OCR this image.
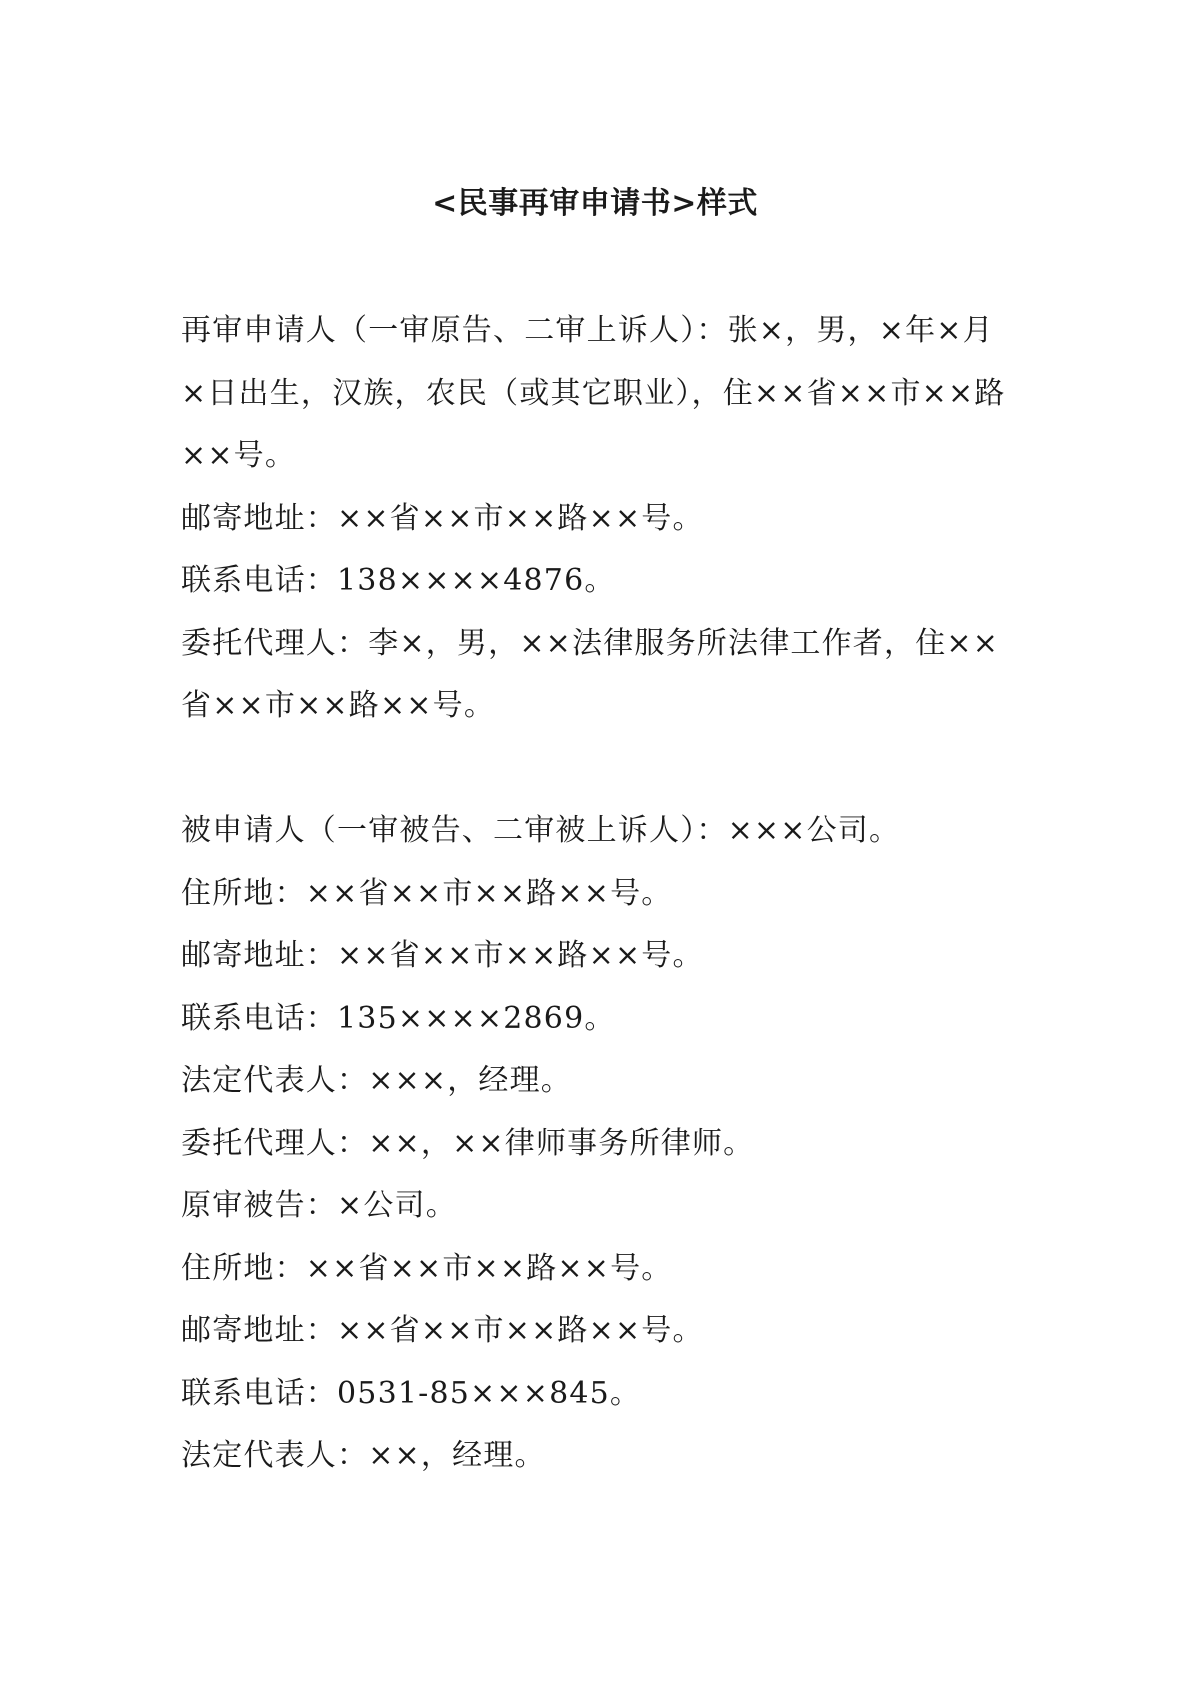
<民事再审申请书>样式

再审申请人（一审原告、二审上诉人）：张×，男，×年×月×日出生，汉族，农民（或其它职业），住××省××市××路××号。

邮寄地址：××省××市××路××号。

联系电话：138××××4876。

委托代理人：李×，男，××法律服务所法律工作者，住××省××市××路××号。

被申请人（一审被告、二审被上诉人）：×××公司。

住所地：××省××市××路××号。

邮寄地址：××省××市××路××号。

联系电话：135××××2869。

法定代表人：×××，经理。

委托代理人：××，××律师事务所律师。

原审被告：×公司。

住所地：××省××市××路××号。

邮寄地址：××省××市××路××号。

联系电话：0531-85×××845。

法定代表人：××，经理。
